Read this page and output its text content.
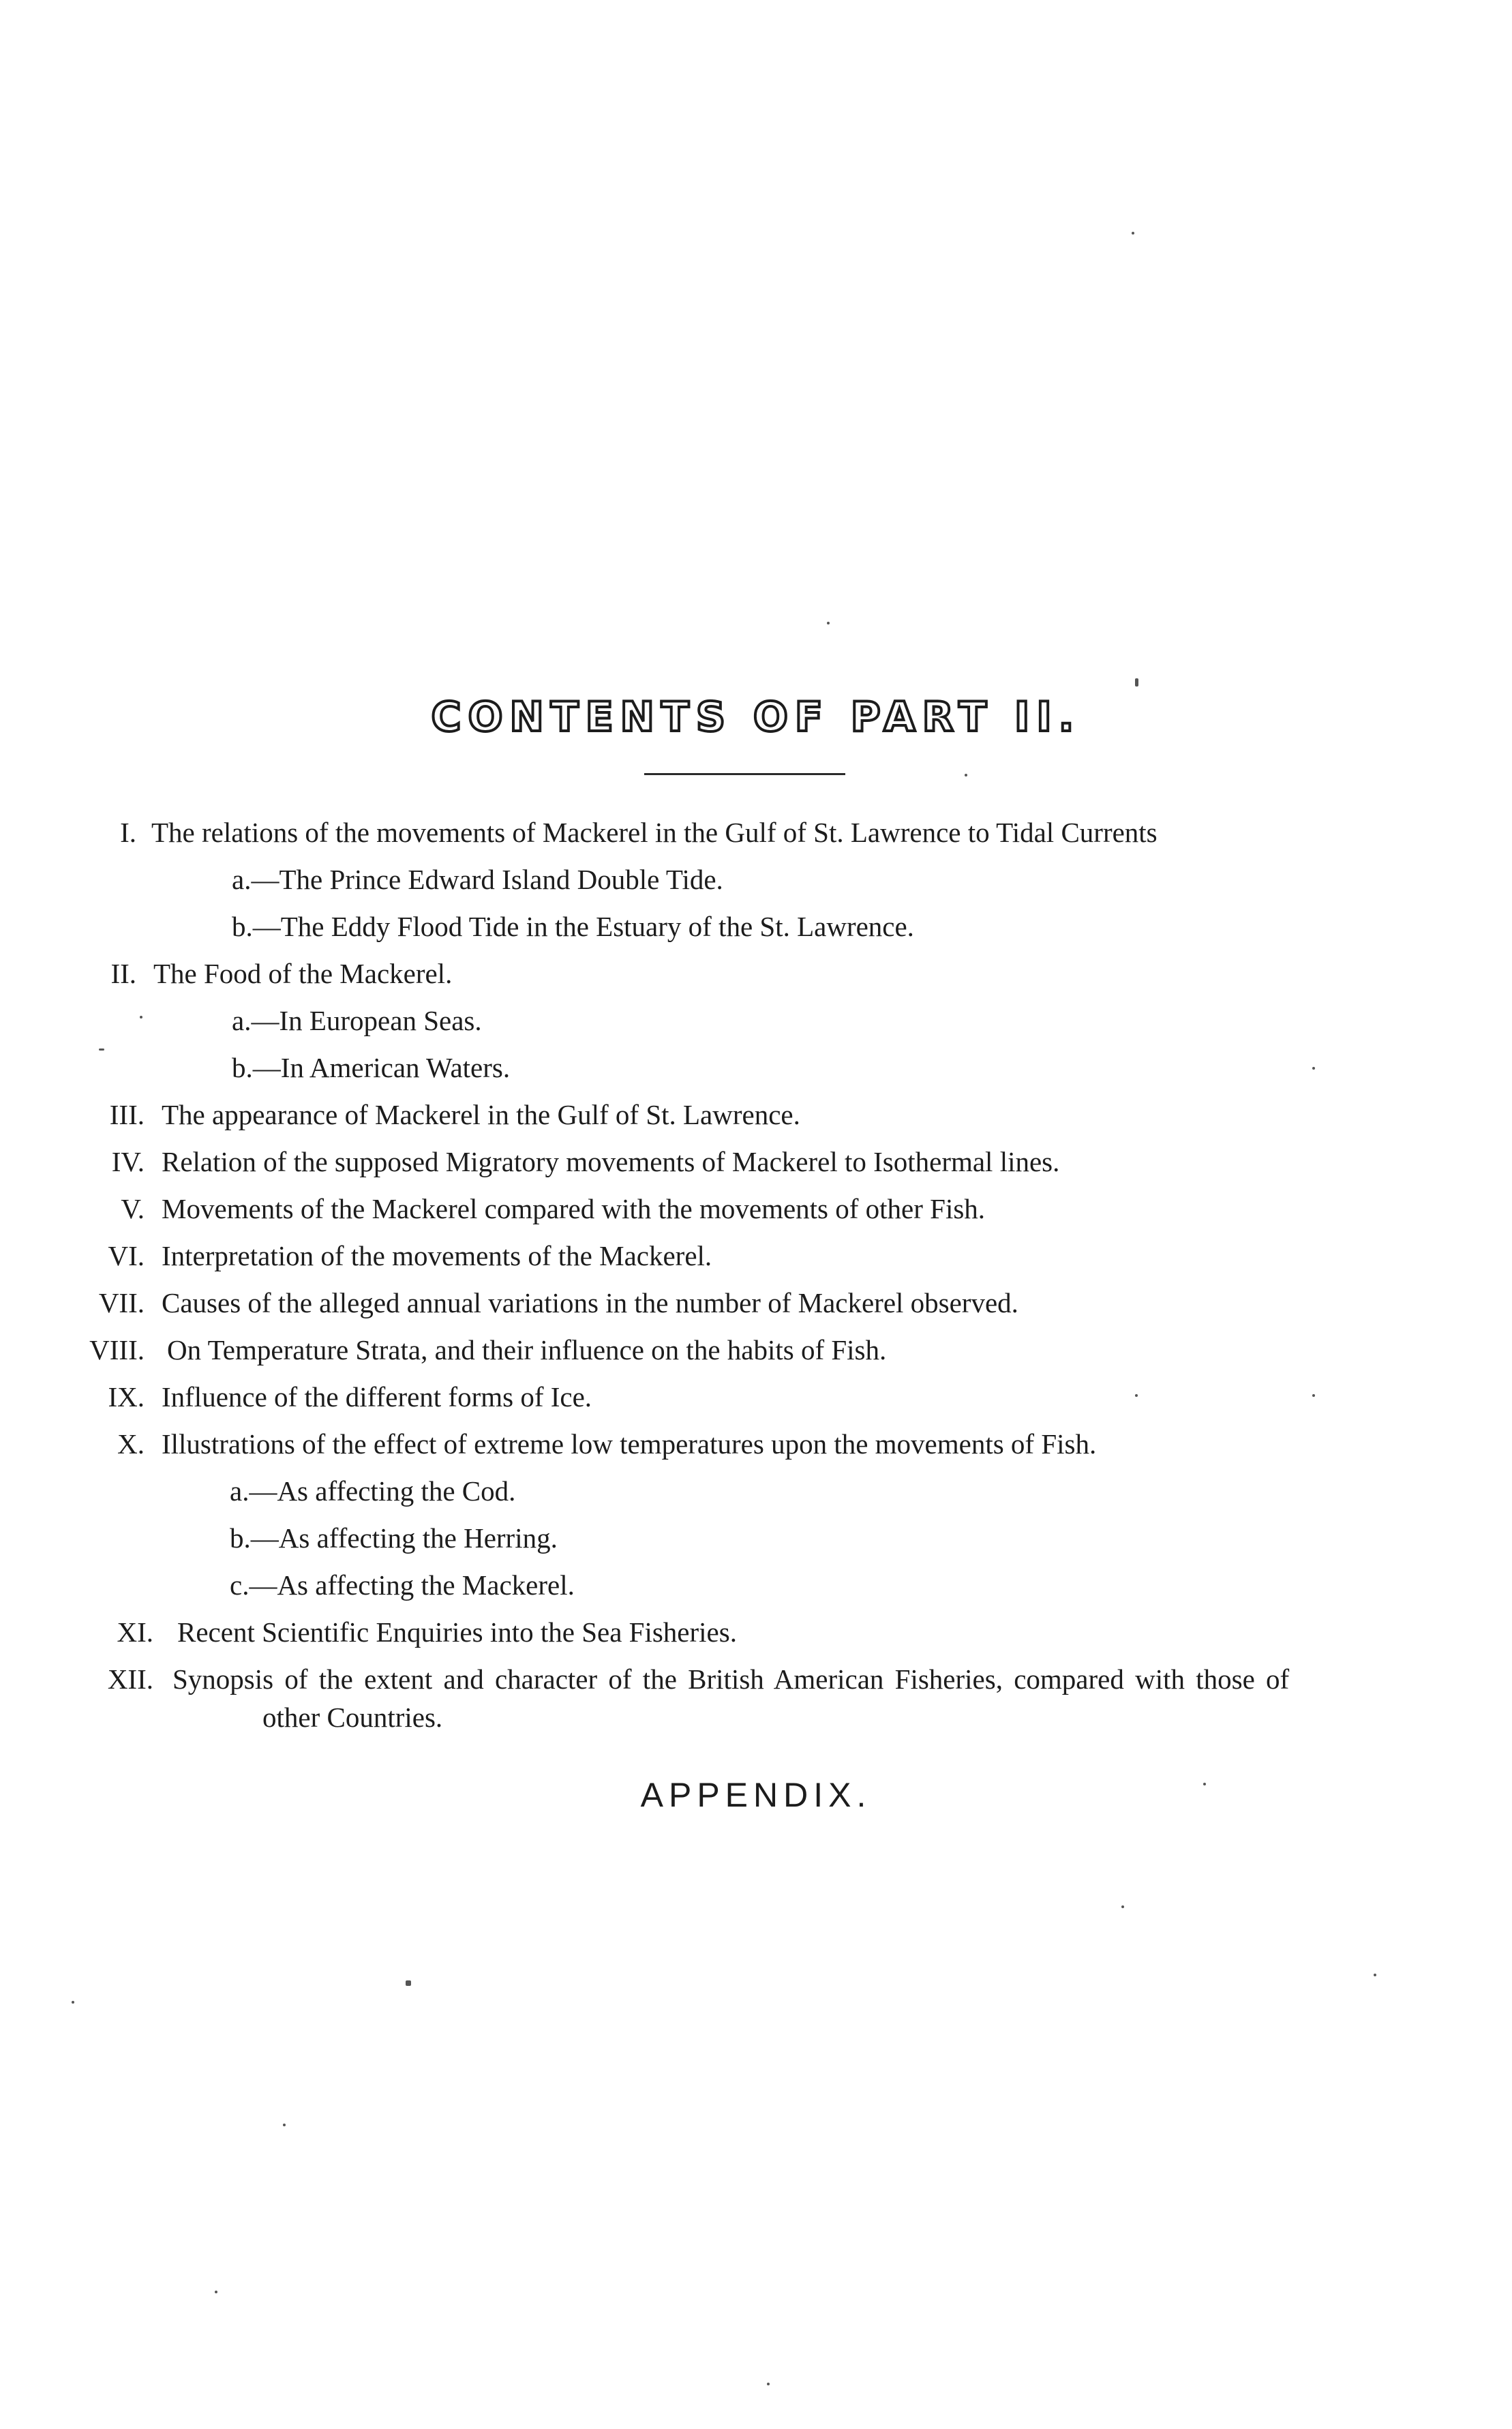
CONTENTS OF PART II.
I. The relations of the movements of Mackerel in the Gulf of St. Lawrence to Tidal Currents
a.—The Prince Edward Island Double Tide.
b.—The Eddy Flood Tide in the Estuary of the St. Lawrence.
II. The Food of the Mackerel.
a.—In European Seas.
b.—In American Waters.
III. The appearance of Mackerel in the Gulf of St. Lawrence.
IV. Relation of the supposed Migratory movements of Mackerel to Isothermal lines.
V. Movements of the Mackerel compared with the movements of other Fish.
VI. Interpretation of the movements of the Mackerel.
VII. Causes of the alleged annual variations in the number of Mackerel observed.
VIII. On Temperature Strata, and their influence on the habits of Fish.
IX. Influence of the different forms of Ice.
X. Illustrations of the effect of extreme low temperatures upon the movements of Fish.
a.—As affecting the Cod.
b.—As affecting the Herring.
c.—As affecting the Mackerel.
XI. Recent Scientific Enquiries into the Sea Fisheries.
XII. Synopsis of the extent and character of the British American Fisheries, compared with those of
other Countries.
APPENDIX.
